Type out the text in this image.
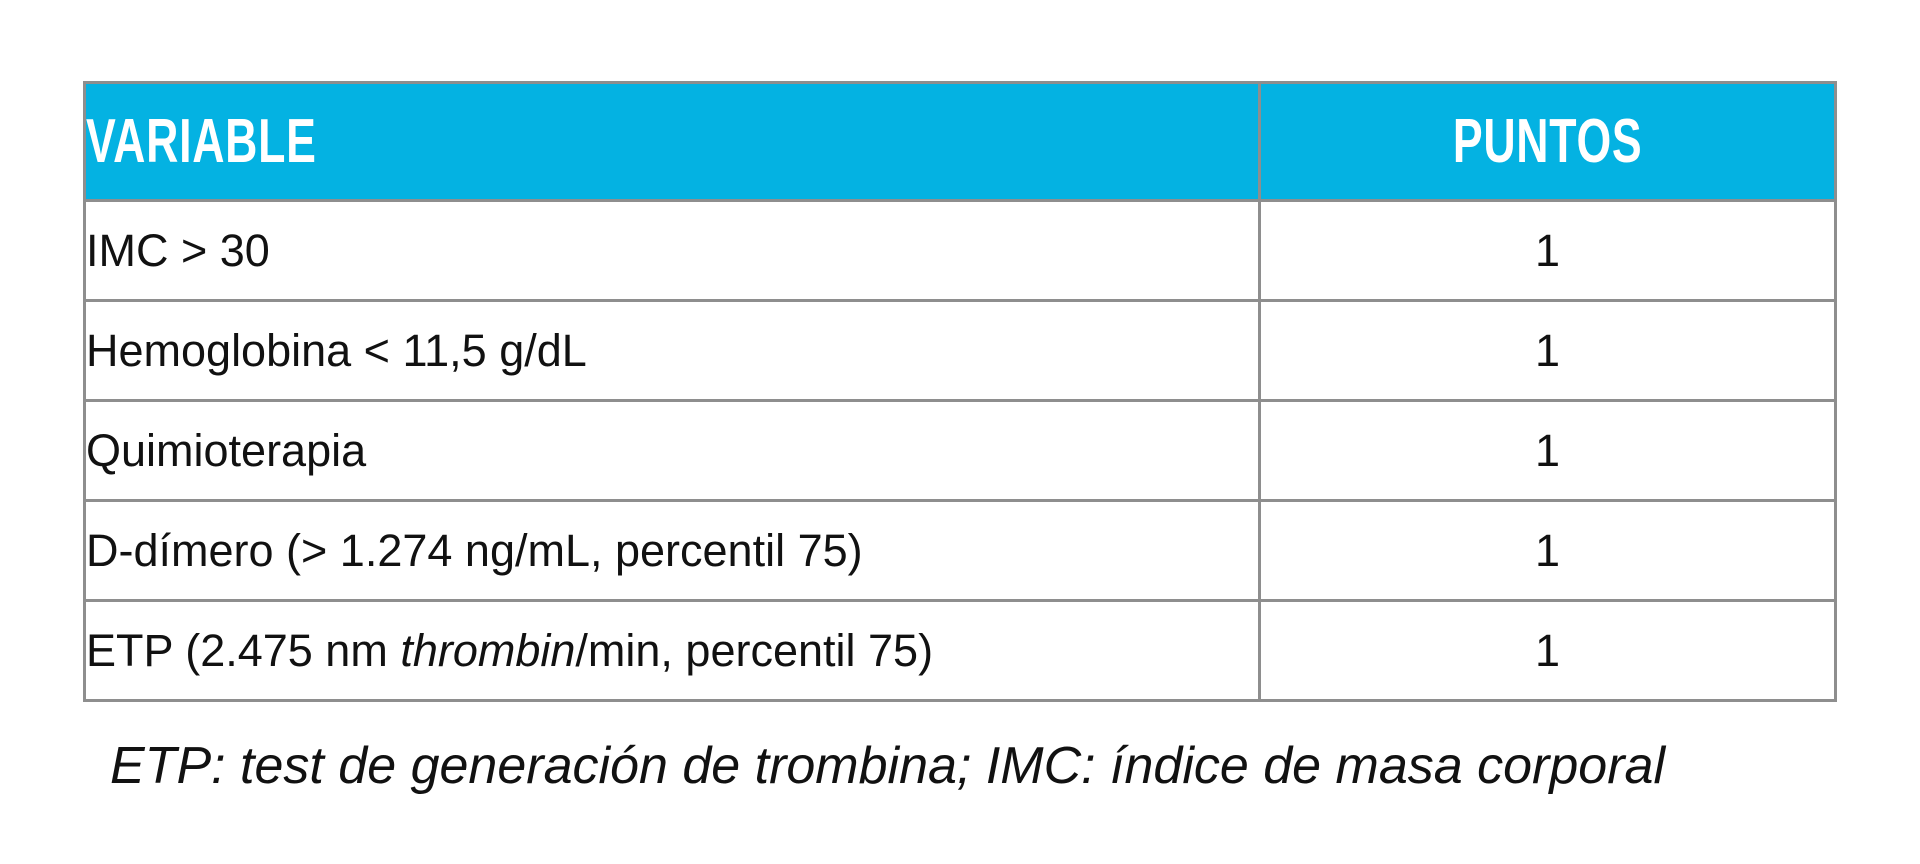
VARIABLE	PUNTOS
IMC > 30	1
Hemoglobina < 11,5 g/dL	1
Quimioterapia	1
D-dímero (> 1.274 ng/mL, percentil 75)	1
ETP (2.475 nm thrombin/min, percentil 75)	1

ETP: test de generación de trombina; IMC: índice de masa corporal
